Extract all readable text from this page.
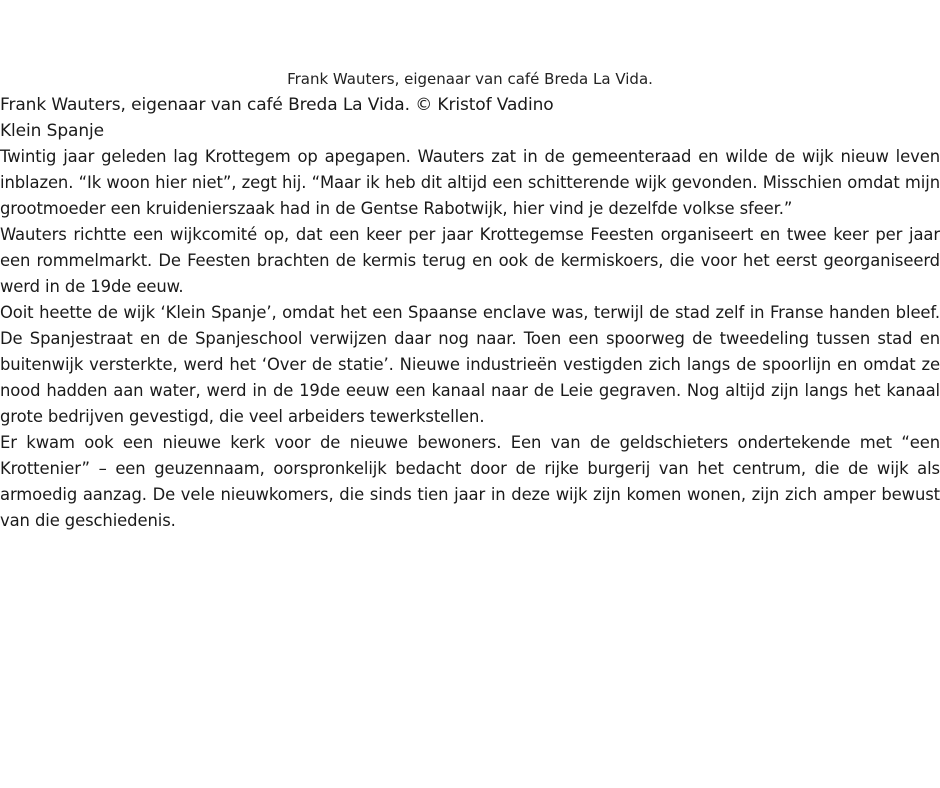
Frank Wauters, eigenaar van café Breda La Vida.

Frank Wauters, eigenaar van café Breda La Vida. © Kristof Vadino

Klein Spanje

Twintig jaar geleden lag Krottegem op apegapen. Wauters zat in de gemeenteraad en wilde de wijk nieuw leven inblazen. “Ik woon hier niet”, zegt hij. “Maar ik heb dit altijd een schitterende wijk gevonden. Misschien omdat mijn grootmoeder een kruidenierszaak had in de Gentse Rabotwijk, hier vind je dezelfde volkse sfeer.”

Wauters richtte een wijkcomité op, dat een keer per jaar Krottegemse Feesten organiseert en twee keer per jaar een rommelmarkt. De Feesten brachten de kermis terug en ook de kermiskoers, die voor het eerst georganiseerd werd in de 19de eeuw.

Ooit heette de wijk ‘Klein Spanje’, omdat het een Spaanse enclave was, terwijl de stad zelf in Franse handen bleef. De Spanjestraat en de Spanjeschool verwijzen daar nog naar. Toen een spoorweg de tweedeling tussen stad en buitenwijk versterkte, werd het ‘Over de statie’. Nieuwe industrieën vestigden zich langs de spoorlijn en omdat ze nood hadden aan water, werd in de 19de eeuw een kanaal naar de Leie gegraven. Nog altijd zijn langs het kanaal grote bedrijven gevestigd, die veel arbeiders tewerkstellen.

Er kwam ook een nieuwe kerk voor de nieuwe bewoners. Een van de geldschieters ondertekende met “een Krottenier” – een geuzennaam, oorspronkelijk bedacht door de rijke burgerij van het centrum, die de wijk als armoedig aanzag. De vele nieuwkomers, die sinds tien jaar in deze wijk zijn komen wonen, zijn zich amper bewust van die geschiedenis.
